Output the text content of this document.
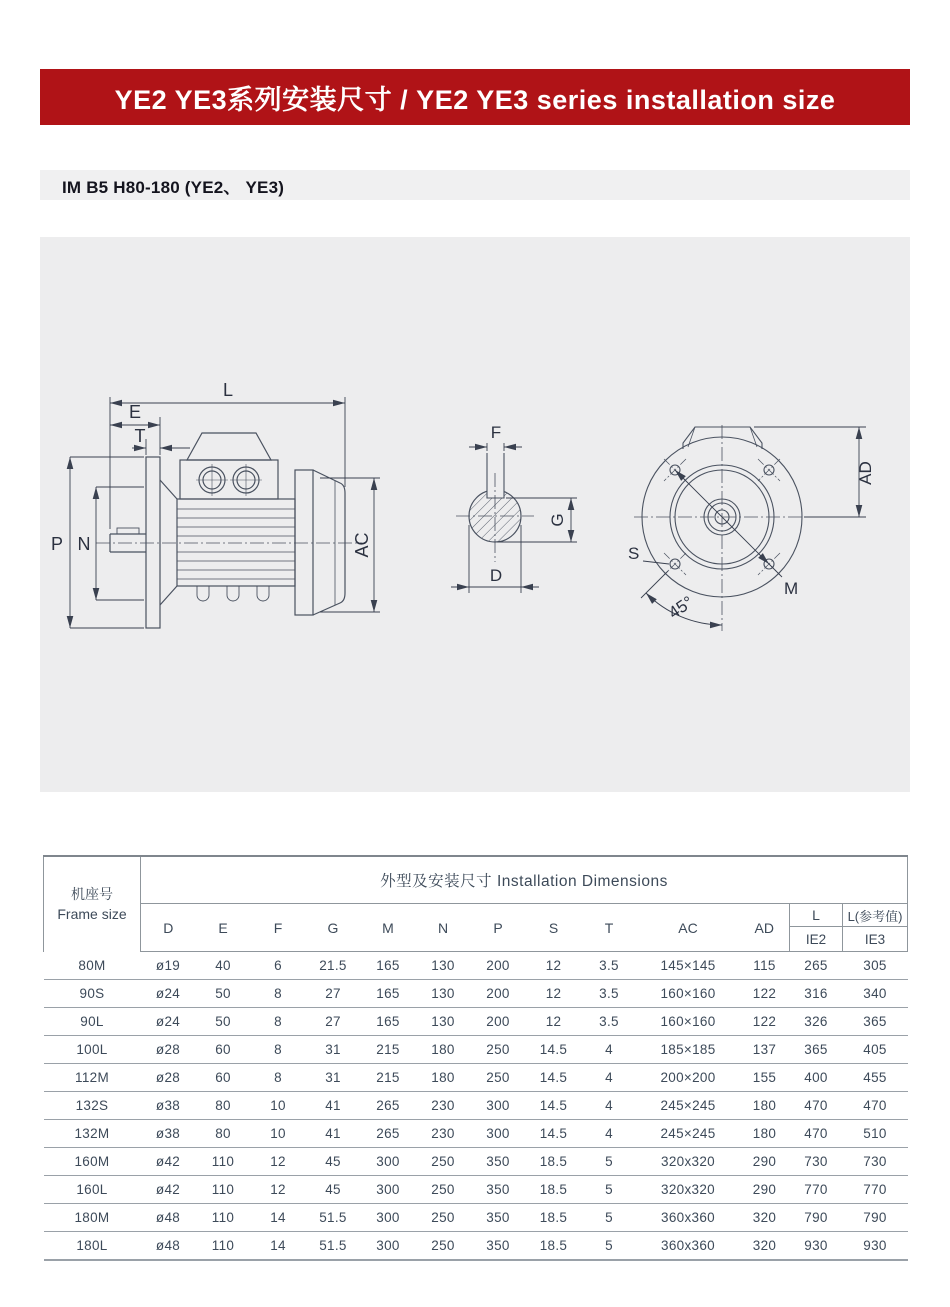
YE2 YE3系列安装尺寸 / YE2 YE3 series installation size
IM B5 H80-180 (YE2、 YE3)
L
E
T
P N	AC
F
G
D
S
M
AD
45°
机座号
Frame size	外型及安装尺寸 Installation Dimensions												
	D	E	F	G	M	N	P	S	T	AC	AD	L	L(参考值)
												IE2	IE3
80M	ø19	40	6	21.5	165	130	200	12	3.5	145×145	115	265	305
90S	ø24	50	8	27	165	130	200	12	3.5	160×160	122	316	340
90L	ø24	50	8	27	165	130	200	12	3.5	160×160	122	326	365
100L	ø28	60	8	31	215	180	250	14.5	4	185×185	137	365	405
112M	ø28	60	8	31	215	180	250	14.5	4	200×200	155	400	455
132S	ø38	80	10	41	265	230	300	14.5	4	245×245	180	470	470
132M	ø38	80	10	41	265	230	300	14.5	4	245×245	180	470	510
160M	ø42	110	12	45	300	250	350	18.5	5	320x320	290	730	730
160L	ø42	110	12	45	300	250	350	18.5	5	320x320	290	770	770
180M	ø48	110	14	51.5	300	250	350	18.5	5	360x360	320	790	790
180L	ø48	110	14	51.5	300	250	350	18.5	5	360x360	320	930	930
